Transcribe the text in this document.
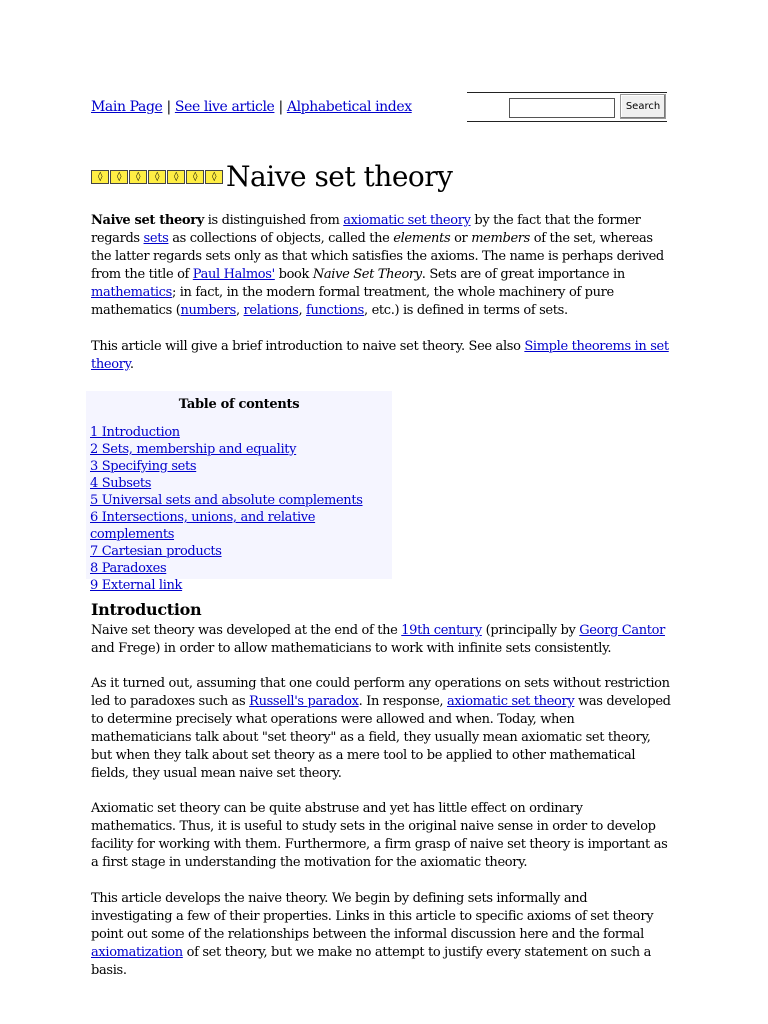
Main Page | See live article | Alphabetical index	Search
◊	◊	◊	◊	◊	◊	◊ Naive set theory

Naive set theory is distinguished from axiomatic set theory by the fact that the former regards sets as collections of objects, called the elements or members of the set, whereas the latter regards sets only as that which satisfies the axioms. The name is perhaps derived from the title of Paul Halmos' book Naive Set Theory. Sets are of great importance in mathematics; in fact, in the modern formal treatment, the whole machinery of pure mathematics (numbers, relations, functions, etc.) is defined in terms of sets.

This article will give a brief introduction to naive set theory. See also Simple theorems in set theory.

Table of contents
1 Introduction
2 Sets, membership and equality
3 Specifying sets
4 Subsets
5 Universal sets and absolute complements
6 Intersections, unions, and relative complements
7 Cartesian products
8 Paradoxes
9 External link
Introduction

Naive set theory was developed at the end of the 19th century (principally by Georg Cantor and Frege) in order to allow mathematicians to work with infinite sets consistently.

As it turned out, assuming that one could perform any operations on sets without restriction led to paradoxes such as Russell's paradox. In response, axiomatic set theory was developed to determine precisely what operations were allowed and when. Today, when mathematicians talk about "set theory" as a field, they usually mean axiomatic set theory, but when they talk about set theory as a mere tool to be applied to other mathematical fields, they usual mean naive set theory.

Axiomatic set theory can be quite abstruse and yet has little effect on ordinary mathematics. Thus, it is useful to study sets in the original naive sense in order to develop facility for working with them. Furthermore, a firm grasp of naive set theory is important as a first stage in understanding the motivation for the axiomatic theory.

This article develops the naive theory. We begin by defining sets informally and investigating a few of their properties. Links in this article to specific axioms of set theory point out some of the relationships between the informal discussion here and the formal axiomatization of set theory, but we make no attempt to justify every statement on such a basis.
